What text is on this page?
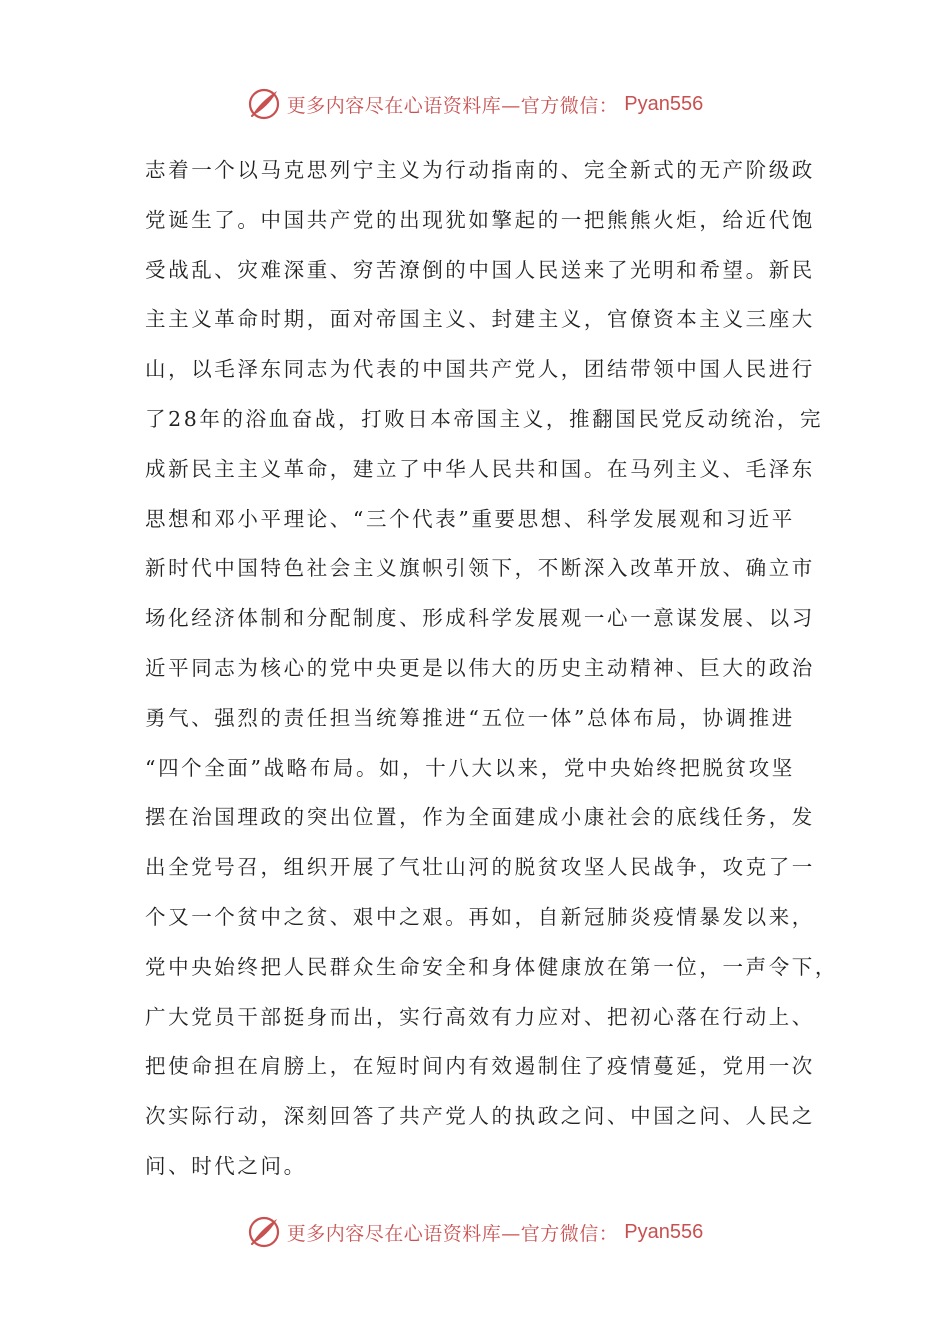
更多内容尽在心语资料库—官方微信： Pyan556
志着一个以马克思列宁主义为行动指南的、完全新式的无产阶级政
党诞生了。中国共产党的出现犹如擎起的一把熊熊火炬，给近代饱
受战乱、灾难深重、穷苦潦倒的中国人民送来了光明和希望。新民
主主义革命时期，面对帝国主义、封建主义，官僚资本主义三座大
山，以毛泽东同志为代表的中国共产党人，团结带领中国人民进行
了28年的浴血奋战，打败日本帝国主义，推翻国民党反动统治，完
成新民主主义革命，建立了中华人民共和国。在马列主义、毛泽东
思想和邓小平理论、“三个代表”重要思想、科学发展观和习近平
新时代中国特色社会主义旗帜引领下，不断深入改革开放、确立市
场化经济体制和分配制度、形成科学发展观一心一意谋发展、以习
近平同志为核心的党中央更是以伟大的历史主动精神、巨大的政治
勇气、强烈的责任担当统筹推进“五位一体”总体布局，协调推进
“四个全面”战略布局。如，十八大以来，党中央始终把脱贫攻坚
摆在治国理政的突出位置，作为全面建成小康社会的底线任务，发
出全党号召，组织开展了气壮山河的脱贫攻坚人民战争，攻克了一
个又一个贫中之贫、艰中之艰。再如，自新冠肺炎疫情暴发以来，
党中央始终把人民群众生命安全和身体健康放在第一位，一声令下，
广大党员干部挺身而出，实行高效有力应对、把初心落在行动上、
把使命担在肩膀上，在短时间内有效遏制住了疫情蔓延，党用一次
次实际行动，深刻回答了共产党人的执政之问、中国之问、人民之
问、时代之问。
更多内容尽在心语资料库—官方微信： Pyan556
